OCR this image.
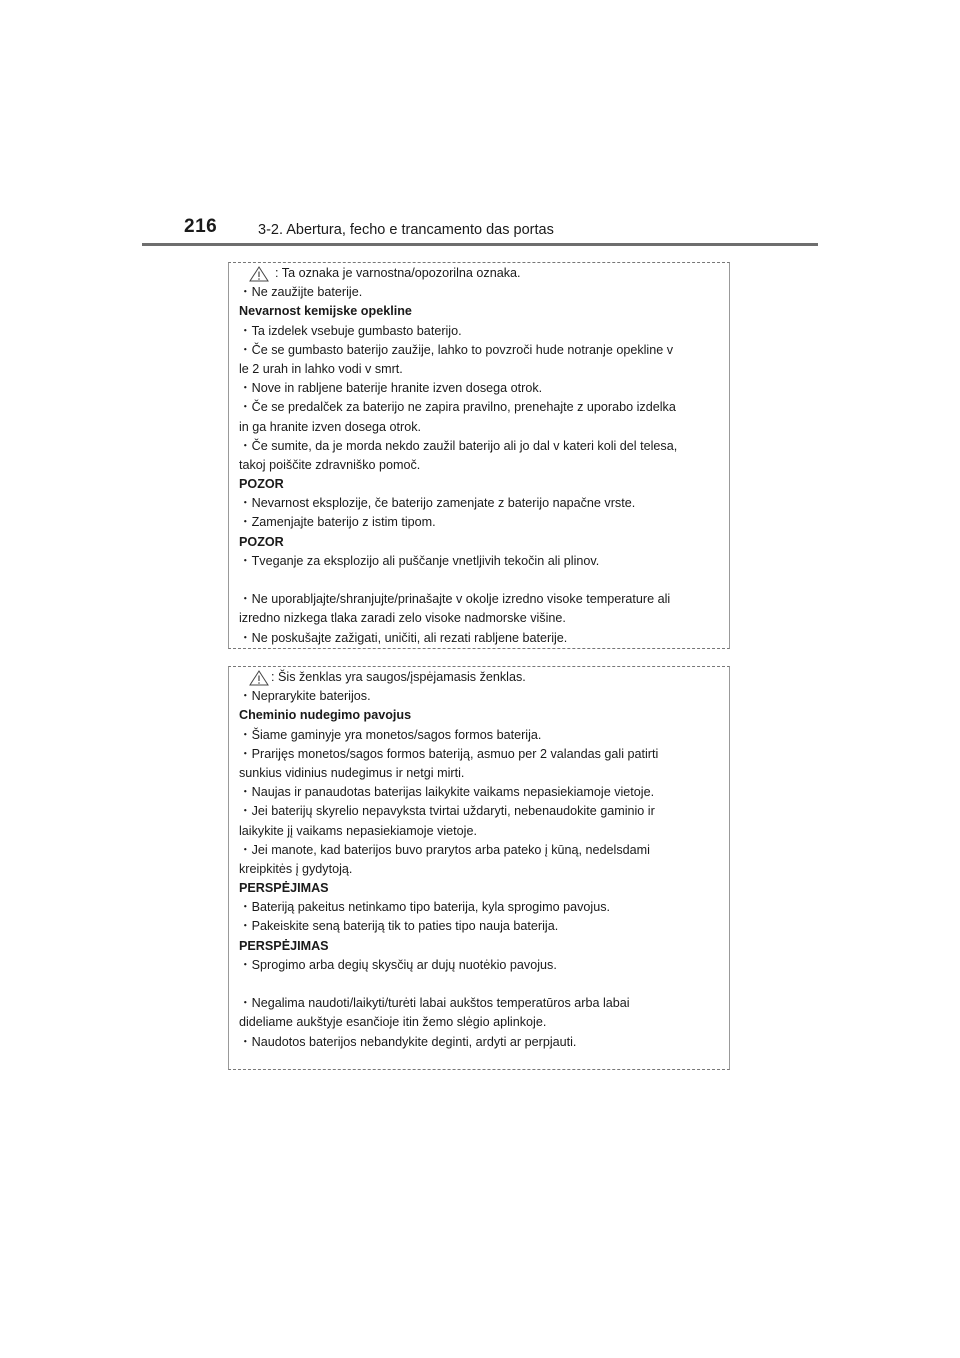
216	3-2. Abertura, fecho e trancamento das portas
: Ta oznaka je varnostna/opozorilna oznaka.
・Ne zaužijte baterije.
Nevarnost kemijske opekline
・Ta izdelek vsebuje gumbasto baterijo.
・Če se gumbasto baterijo zaužije, lahko to povzroči hude notranje opekline v
le 2 urah in lahko vodi v smrt.
・Nove in rabljene baterije hranite izven dosega otrok.
・Če se predalček za baterijo ne zapira pravilno, prenehajte z uporabo izdelka
in ga hranite izven dosega otrok.
・Če sumite, da je morda nekdo zaužil baterijo ali jo dal v kateri koli del telesa,
takoj poiščite zdravniško pomoč.
POZOR
・Nevarnost eksplozije, če baterijo zamenjate z baterijo napačne vrste.
・Zamenjajte baterijo z istim tipom.
POZOR
・Tveganje za eksplozijo ali puščanje vnetljivih tekočin ali plinov.
・Ne uporabljajte/shranjujte/prinašajte v okolje izredno visoke temperature ali
izredno nizkega tlaka zaradi zelo visoke nadmorske višine.
・Ne poskušajte zažigati, uničiti, ali rezati rabljene baterije.
: Šis ženklas yra saugos/įspėjamasis ženklas.
・Neprarykite baterijos.
Cheminio nudegimo pavojus
・Šiame gaminyje yra monetos/sagos formos baterija.
・Prarijęs monetos/sagos formos bateriją, asmuo per 2 valandas gali patirti
sunkius vidinius nudegimus ir netgi mirti.
・Naujas ir panaudotas baterijas laikykite vaikams nepasiekiamoje vietoje.
・Jei baterijų skyrelio nepavyksta tvirtai uždaryti, nebenaudokite gaminio ir
laikykite jį vaikams nepasiekiamoje vietoje.
・Jei manote, kad baterijos buvo prarytos arba pateko į kūną, nedelsdami
kreipkitės į gydytoją.
PERSPĖJIMAS
・Bateriją pakeitus netinkamo tipo baterija, kyla sprogimo pavojus.
・Pakeiskite seną bateriją tik to paties tipo nauja baterija.
PERSPĖJIMAS
・Sprogimo arba degių skysčių ar dujų nuotėkio pavojus.
・Negalima naudoti/laikyti/turėti labai aukštos temperatūros arba labai
dideliame aukštyje esančioje itin žemo slėgio aplinkoje.
・Naudotos baterijos nebandykite deginti, ardyti ar perpjauti.
